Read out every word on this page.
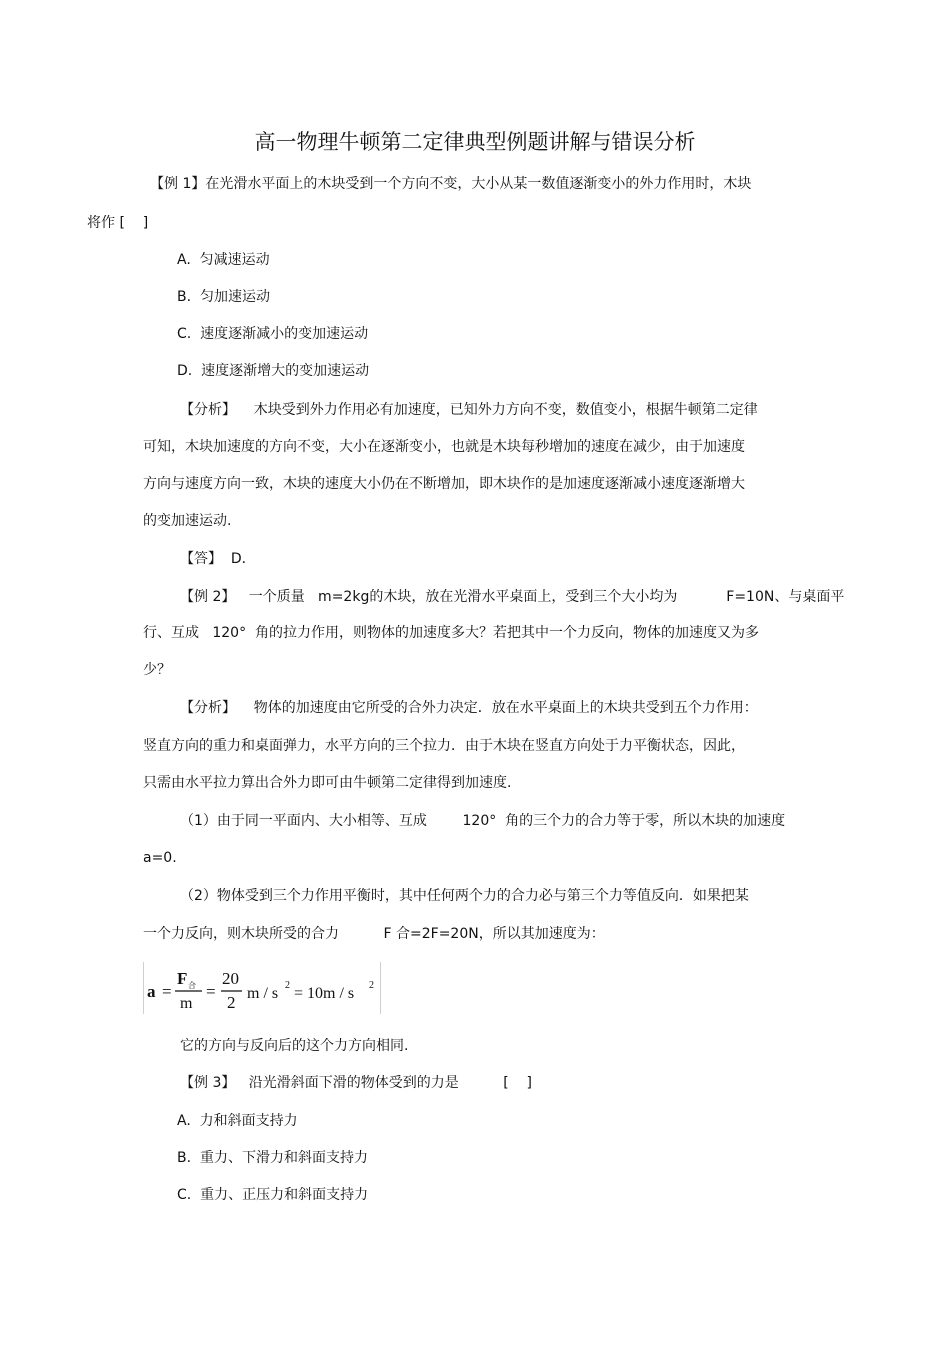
高一物理牛顿第二定律典型例题讲解与错误分析
【例 1】在光滑水平面上的木块受到一个方向不变，大小从某一数值逐渐变小的外力作用时，木块
将作 [    ]
A.  匀减速运动
B.  匀加速运动
C.  速度逐渐减小的变加速运动
D.  速度逐渐增大的变加速运动
【分析】    木块受到外力作用必有加速度，已知外力方向不变，数值变小，根据牛顿第二定律
可知，木块加速度的方向不变，大小在逐渐变小，也就是木块每秒增加的速度在减少，由于加速度
方向与速度方向一致，木块的速度大小仍在不断增加，即木块作的是加速度逐渐减小速度逐渐增大
的变加速运动.
【答】  D．
【例 2】   一个质量   m=2kg的木块，放在光滑水平桌面上，受到三个大小均为           F=10N、与桌面平
行、互成   120°  角的拉力作用，则物体的加速度多大？若把其中一个力反向，物体的加速度又为多
少？
【分析】    物体的加速度由它所受的合外力决定．放在水平桌面上的木块共受到五个力作用：
竖直方向的重力和桌面弹力，水平方向的三个拉力．由于木块在竖直方向处于力平衡状态，因此，
只需由水平拉力算出合外力即可由牛顿第二定律得到加速度.
（1）由于同一平面内、大小相等、互成        120°  角的三个力的合力等于零，所以木块的加速度
a=0.
（2）物体受到三个力作用平衡时，其中任何两个力的合力必与第三个力等值反向．如果把某
一个力反向，则木块所受的合力          F 合=2F=20N，所以其加速度为：
a =
F 合
m
=
20
2 m / s 2 = 10m / s 2
它的方向与反向后的这个力方向相同.
【例 3】   沿光滑斜面下滑的物体受到的力是          [    ]
A.  力和斜面支持力
B.  重力、下滑力和斜面支持力
C.  重力、正压力和斜面支持力
